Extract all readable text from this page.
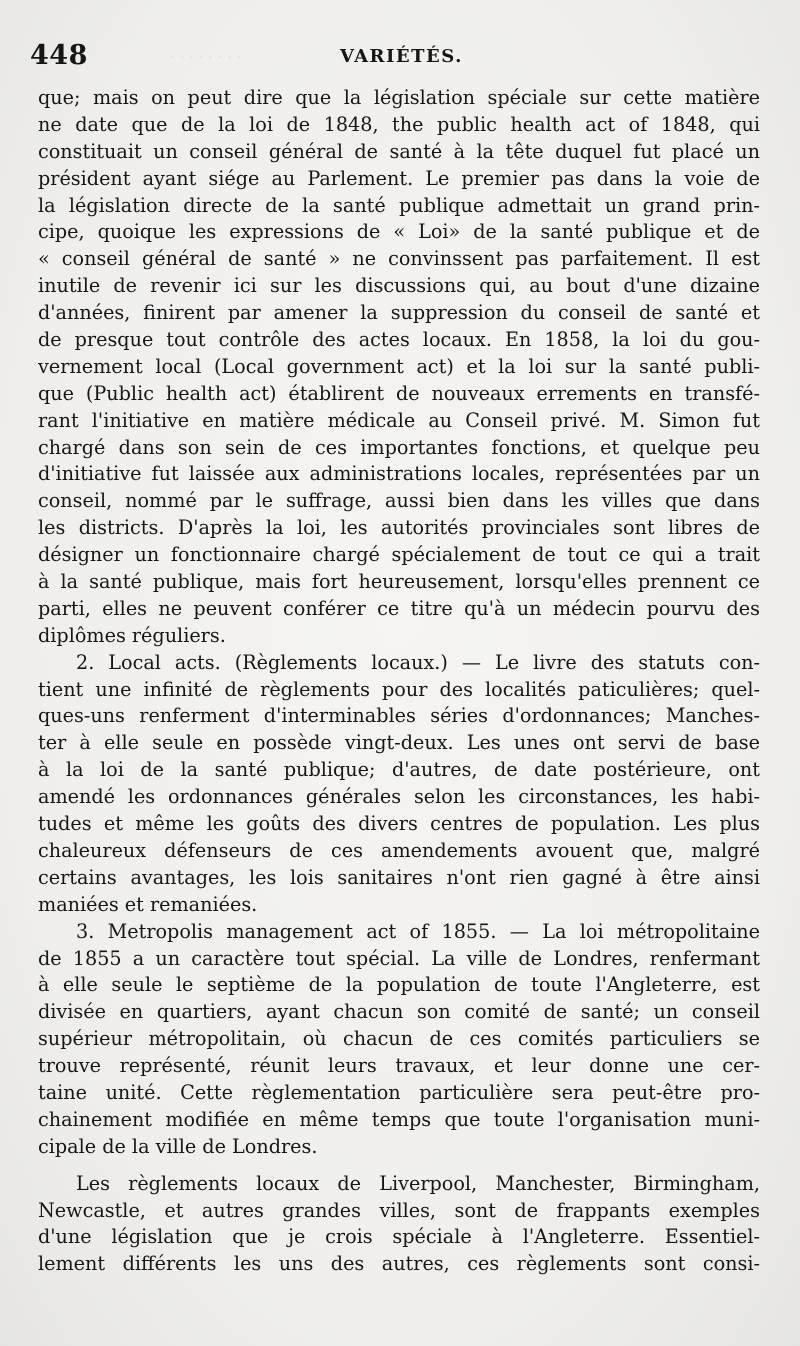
· · · · · · · ·
448	VARIÉTÉS.
que; mais on peut dire que la législation spéciale sur cette matière
ne date que de la loi de 1848, the public health act of 1848, qui
constituait un conseil général de santé à la tête duquel fut placé un
président ayant siége au Parlement. Le premier pas dans la voie de
la législation directe de la santé publique admettait un grand prin-
cipe, quoique les expressions de « Loi» de la santé publique et de
« conseil général de santé » ne convinssent pas parfaitement. Il est
inutile de revenir ici sur les discussions qui, au bout d'une dizaine
d'années, finirent par amener la suppression du conseil de santé et
de presque tout contrôle des actes locaux. En 1858, la loi du gou-
vernement local (Local government act) et la loi sur la santé publi-
que (Public health act) établirent de nouveaux errements en transfé-
rant l'initiative en matière médicale au Conseil privé. M. Simon fut
chargé dans son sein de ces importantes fonctions, et quelque peu
d'initiative fut laissée aux administrations locales, représentées par un
conseil, nommé par le suffrage, aussi bien dans les villes que dans
les districts. D'après la loi, les autorités provinciales sont libres de
désigner un fonctionnaire chargé spécialement de tout ce qui a trait
à la santé publique, mais fort heureusement, lorsqu'elles prennent ce
parti, elles ne peuvent conférer ce titre qu'à un médecin pourvu des
diplômes réguliers.
2. Local acts. (Règlements locaux.) — Le livre des statuts con-
tient une infinité de règlements pour des localités paticulières; quel-
ques-uns renferment d'interminables séries d'ordonnances; Manches-
ter à elle seule en possède vingt-deux. Les unes ont servi de base
à la loi de la santé publique; d'autres, de date postérieure, ont
amendé les ordonnances générales selon les circonstances, les habi-
tudes et même les goûts des divers centres de population. Les plus
chaleureux défenseurs de ces amendements avouent que, malgré
certains avantages, les lois sanitaires n'ont rien gagné à être ainsi
maniées et remaniées.
3. Metropolis management act of 1855. — La loi métropolitaine
de 1855 a un caractère tout spécial. La ville de Londres, renfermant
à elle seule le septième de la population de toute l'Angleterre, est
divisée en quartiers, ayant chacun son comité de santé; un conseil
supérieur métropolitain, où chacun de ces comités particuliers se
trouve représenté, réunit leurs travaux, et leur donne une cer-
taine unité. Cette règlementation particulière sera peut-être pro-
chainement modifiée en même temps que toute l'organisation muni-
cipale de la ville de Londres.
Les règlements locaux de Liverpool, Manchester, Birmingham,
Newcastle, et autres grandes villes, sont de frappants exemples
d'une législation que je crois spéciale à l'Angleterre. Essentiel-
lement différents les uns des autres, ces règlements sont consi-
